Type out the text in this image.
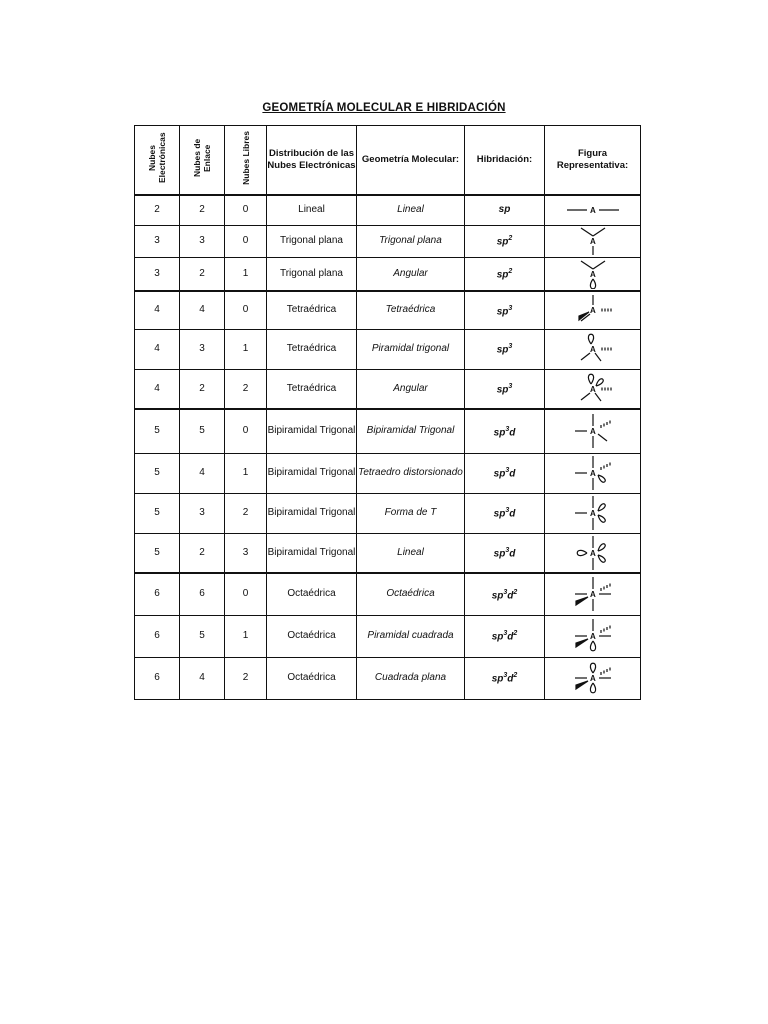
GEOMETRÍA MOLECULAR E HIBRIDACIÓN
Nubes Electrónicas	Nubes de Enlace	Nubes Libres	Distribución de las Nubes Electrónicas	Geometría Molecular:	Hibridación:	Figura Representativa:
2	2	0	Lineal	Lineal	sp	A

3	3	0	Trigonal plana	Trigonal plana	$sp^2$	A

3	2	1	Trigonal plana	Angular	$sp^2$	A

4	4	0	Tetraédrica	Tetraédrica	$sp^3$	A

4	3	1	Tetraédrica	Piramidal trigonal	$sp^3$	A

4	2	2	Tetraédrica	Angular	$sp^3$	A

5	5	0	Bipiramidal Trigonal	Bipiramidal Trigonal	$sp^3d$	A

5	4	1	Bipiramidal Trigonal	Tetraedro distorsionado	$sp^3d$	A

5	3	2	Bipiramidal Trigonal	Forma de T	$sp^3d$	A

5	2	3	Bipiramidal Trigonal	Lineal	$sp^3d$	A

6	6	0	Octaédrica	Octaédrica	$sp^3d^2$	A

6	5	1	Octaédrica	Piramidal cuadrada	$sp^3d^2$	A

6	4	2	Octaédrica	Cuadrada plana	$sp^3d^2$	A
